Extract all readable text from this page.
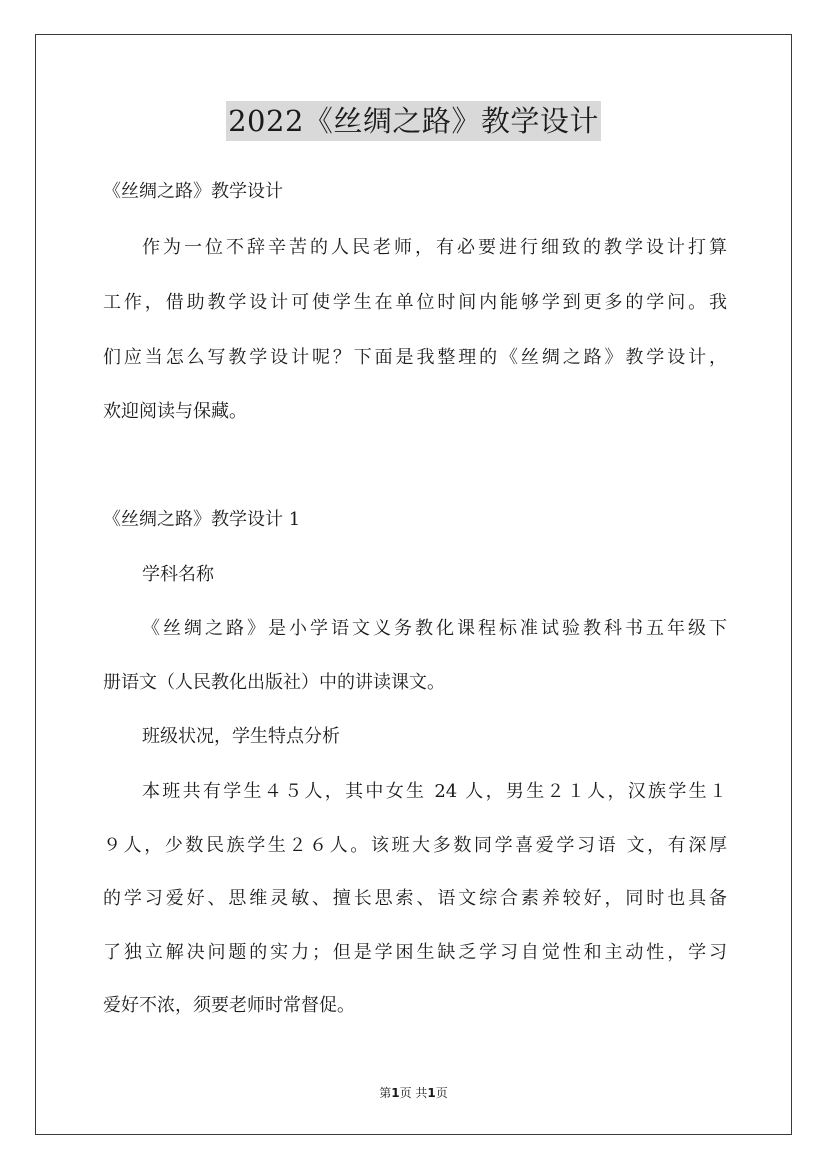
2022《丝绸之路》教学设计
《丝绸之路》教学设计
作为一位不辞辛苦的人民老师，有必要进行细致的教学设计打算
工作，借助教学设计可使学生在单位时间内能够学到更多的学问。我
们应当怎么写教学设计呢？下面是我整理的《丝绸之路》教学设计，
欢迎阅读与保藏。
《丝绸之路》教学设计 1
学科名称
《丝绸之路》是小学语文义务教化课程标准试验教科书五年级下
册语文（人民教化出版社）中的讲读课文。
班级状况，学生特点分析
本班共有学生４５人，其中女生 24 人，男生２１人，汉族学生１
９人，少数民族学生２６人。该班大多数同学喜爱学习语 文，有深厚
的学习爱好、思维灵敏、擅长思索、语文综合素养较好，同时也具备
了独立解决问题的实力；但是学困生缺乏学习自觉性和主动性，学习
爱好不浓，须要老师时常督促。
第1页 共1页
